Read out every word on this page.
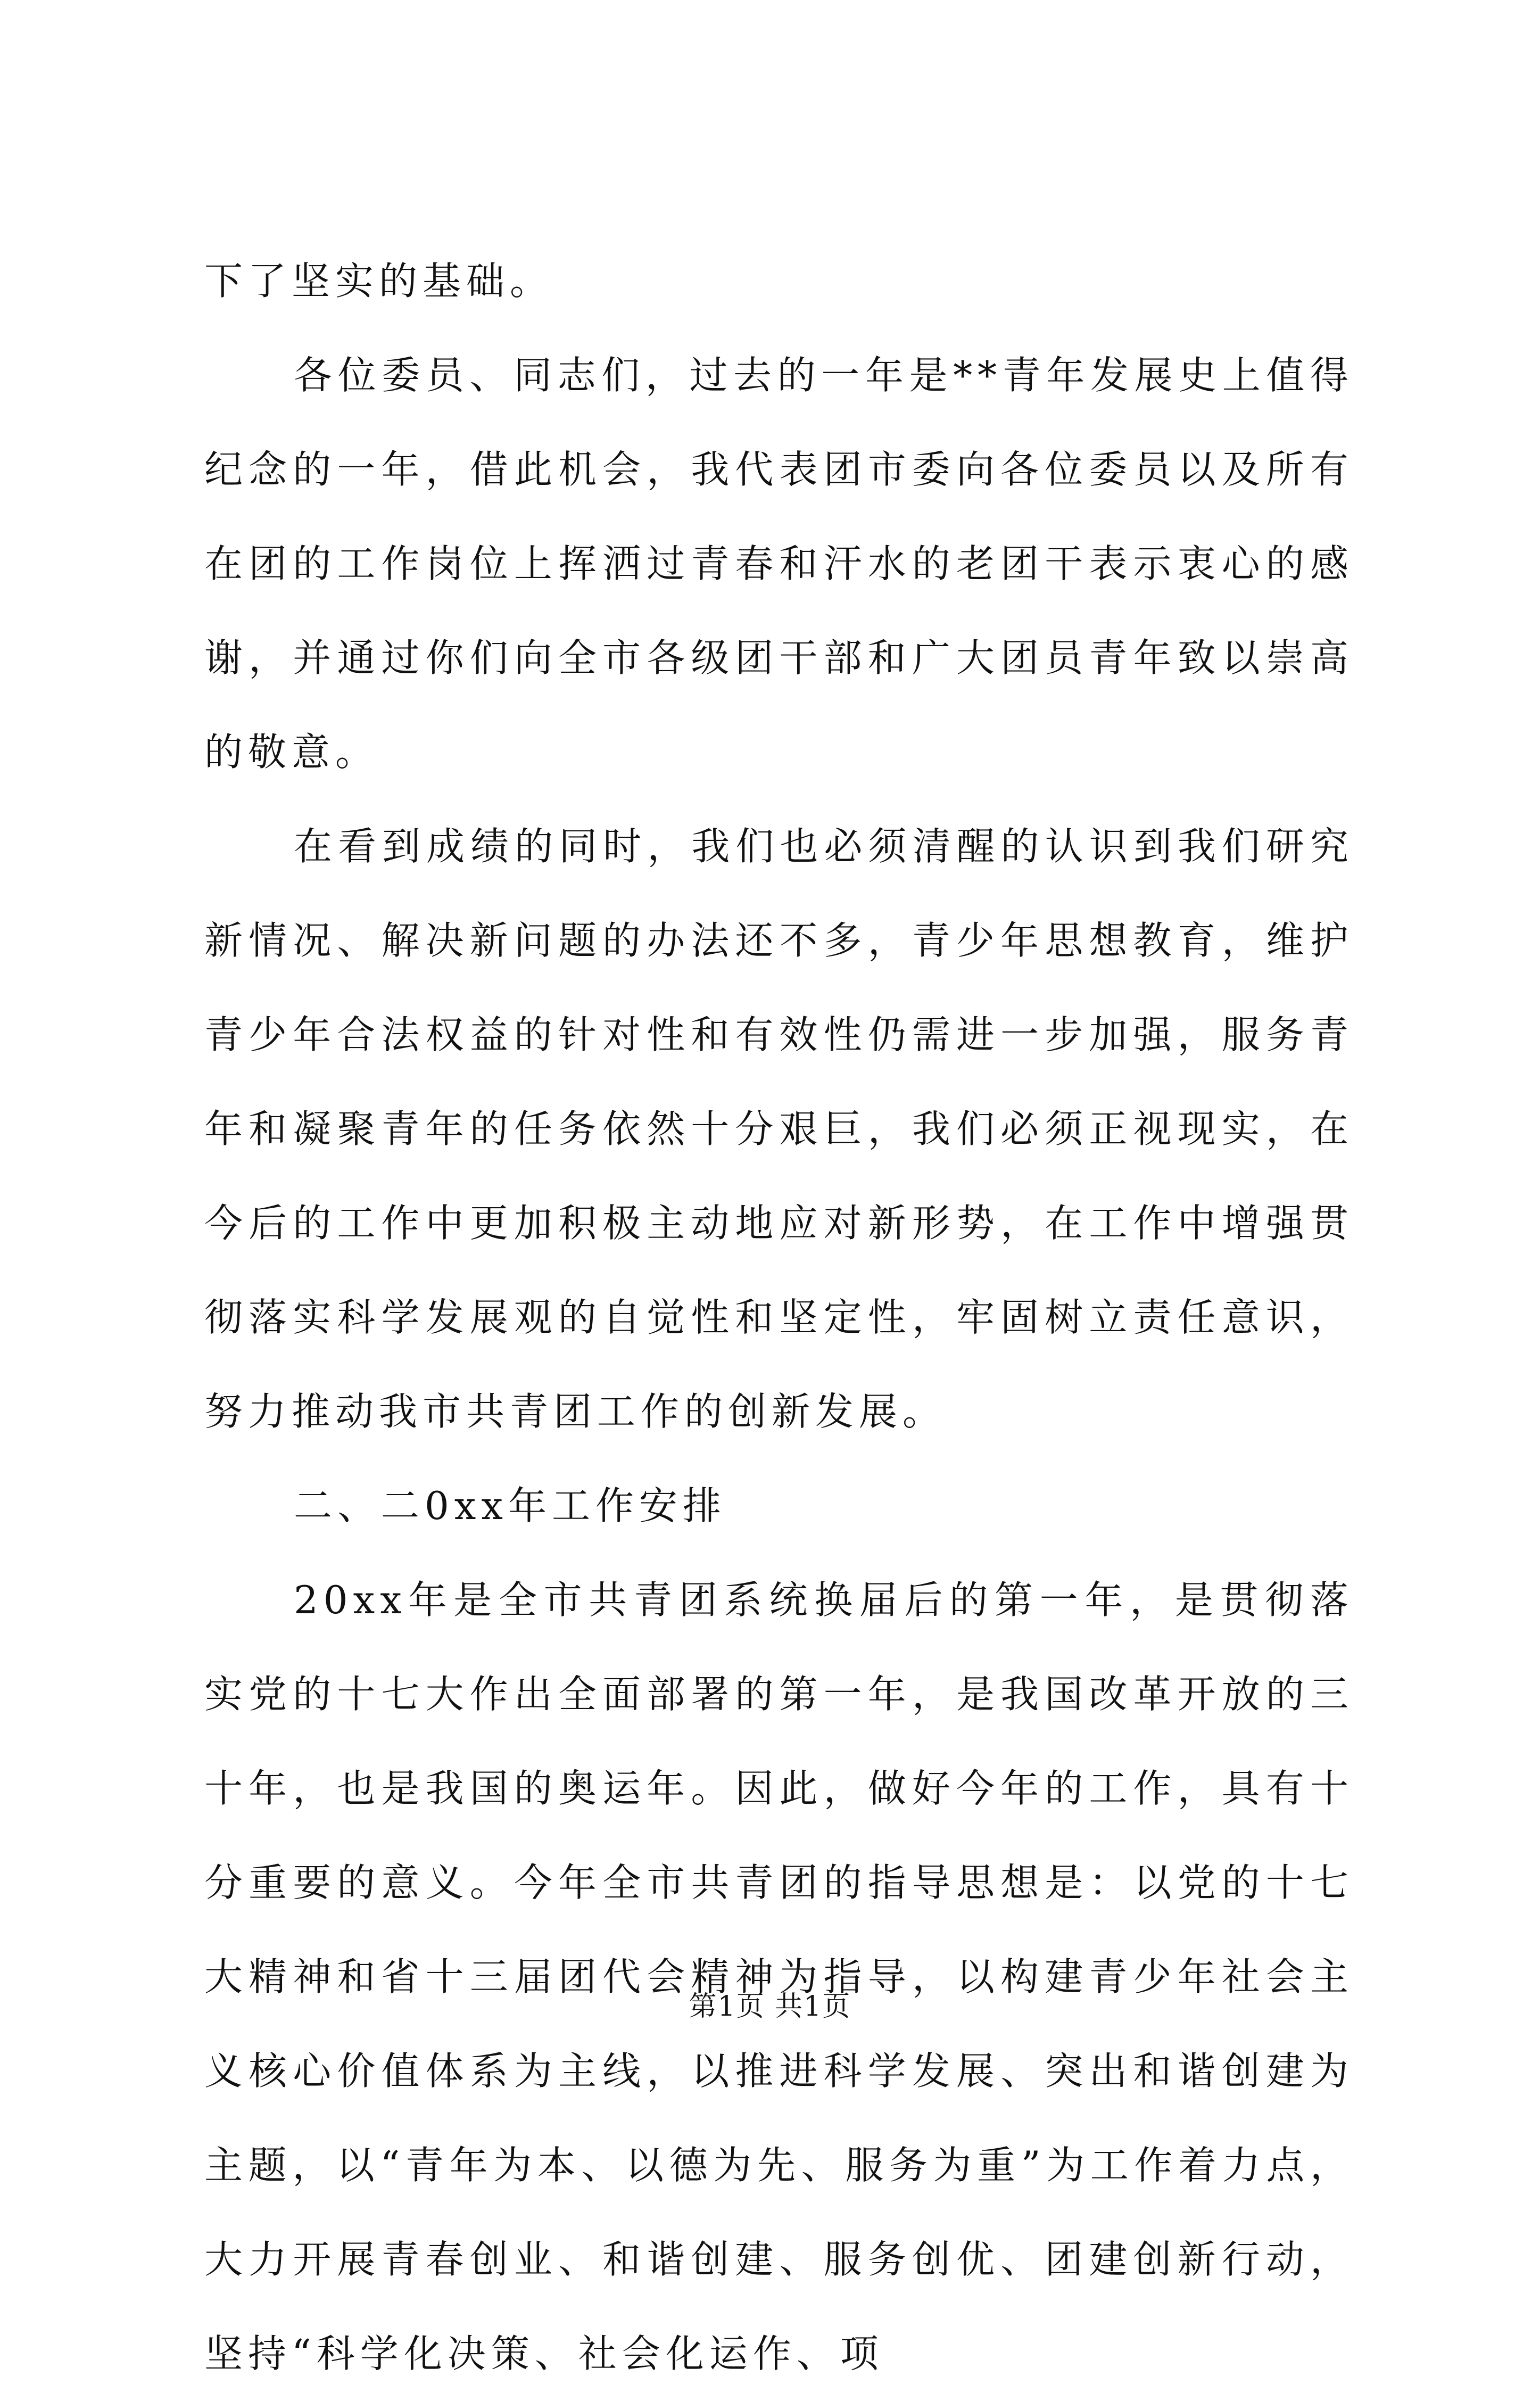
下了坚实的基础。

各位委员、同志们，过去的一年是**青年发展史上值得纪念的一年，借此机会，我代表团市委向各位委员以及所有在团的工作岗位上挥洒过青春和汗水的老团干表示衷心的感谢，并通过你们向全市各级团干部和广大团员青年致以崇高的敬意。

在看到成绩的同时，我们也必须清醒的认识到我们研究新情况、解决新问题的办法还不多，青少年思想教育，维护青少年合法权益的针对性和有效性仍需进一步加强，服务青年和凝聚青年的任务依然十分艰巨，我们必须正视现实，在今后的工作中更加积极主动地应对新形势，在工作中增强贯彻落实科学发展观的自觉性和坚定性，牢固树立责任意识，努力推动我市共青团工作的创新发展。

二、二0xx年工作安排

20xx年是全市共青团系统换届后的第一年，是贯彻落实党的十七大作出全面部署的第一年，是我国改革开放的三十年，也是我国的奥运年。因此，做好今年的工作，具有十分重要的意义。今年全市共青团的指导思想是：以党的十七大精神和省十三届团代会精神为指导，以构建青少年社会主义核心价值体系为主线，以推进科学发展、突出和谐创建为主题，以“青年为本、以德为先、服务为重”为工作着力点，大力开展青春创业、和谐创建、服务创优、团建创新行动，坚持“科学化决策、社会化运作、项

第1页 共1页
